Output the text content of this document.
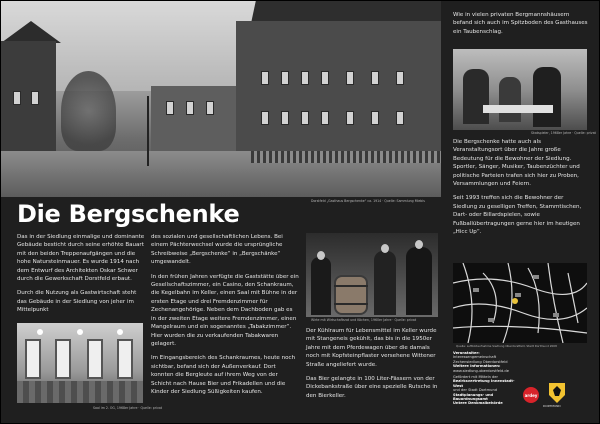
Dorstfeld „Gasthaus Bergschenke“ ca. 1914 · Quelle: Sammlung Miebis
Die Bergschenke

Das in der Siedlung einmalige und dominante Gebäude besticht durch seine erhöhte Bauart mit den beiden Treppenaufgängen und die hohe Natursteinmauer. Es wurde 1914 nach dem Entwurf des Architekten Oskar Schwer durch die Gewerkschaft Dorstfeld erbaut.

Durch die Nutzung als Gastwirtschaft steht das Gebäude in der Siedlung von jeher im Mittelpunkt

Saal im 2. OG, 1968er Jahre · Quelle: privat

des sozialen und gesellschaftlichen Lebens. Bei einem Pächterwechsel wurde die ursprüngliche Schreibweise „Bergschenke“ in „Bergschänke“ umgewandelt.

In den frühen Jahren verfügte die Gaststätte über ein Gesellschaftszimmer, ein Casino, den Schankraum, die Kegelbahn im Keller, einen Saal mit Bühne in der ersten Etage und drei Fremdenzimmer für Zechenangehörige. Neben dem Dachboden gab es in der zweiten Etage weitere Fremdenzimmer, einen Mangelraum und ein sogenanntes „Tabakzimmer“. Hier wurden die zu verkaufenden Tabakwaren gelagert.

Im Eingangsbereich des Schankraumes, heute noch sichtbar, befand sich der Außenverkauf. Dort konnten die Bergleute auf ihrem Weg von der Schicht nach Hause Bier und Frikadellen und die Kinder der Siedlung Süßigkeiten kaufen.

Wirte mit Wirtschaftsrat und Köchen, 1960er Jahre · Quelle: privat

Der Kühlraum für Lebensmittel im Keller wurde mit Stangeneis gekühlt, das bis in die 1950er Jahre mit dem Pferdewagen über die damals noch mit Kopfsteinpflaster versehene Wittener Straße angeliefert wurde.

Das Bier gelangte in 100 Liter-Fässern von der Dickebankstraße über eine spezielle Rutsche in den Bierkeller.

Wie in vielen privaten Bergmannshäusern befand sich auch im Spitzboden des Gasthauses ein Taubenschlag.

Skatspieler, 1968er Jahre · Quelle: privat

Die Bergschenke hatte auch als Veranstaltungsort über die Jahre große Bedeutung für die Bewohner der Siedlung. Sportler, Sänger, Musiker, Taubenzüchter und politische Parteien trafen sich hier zu Proben, Versammlungen und Feiern.

Seit 1993 treffen sich die Bewohner der Siedlung zu geselligen Treffen, Stammtischen, Dart- oder Billardspielen, sowie Fußballübertragungen gerne hier im heutigen „Hicc Up“.

Quelle: Luftbildaufnahme Siedlung Oberdorstfeld, Stadt Dortmund 2008
Veranstalter:
Interessengemeinschaft
Zechensiedlung Oberdorstfeld
Weitere Informationen:
www.siedlung-oberdorstfeld.de
Gefördert mit Mitteln der
Bezirksvertretung Innenstadt-West
und der Stadt Dortmund
Stadtplanungs- und Bauordnungsamt
Untere Denkmalbehörde
ardey
DORTMUND
